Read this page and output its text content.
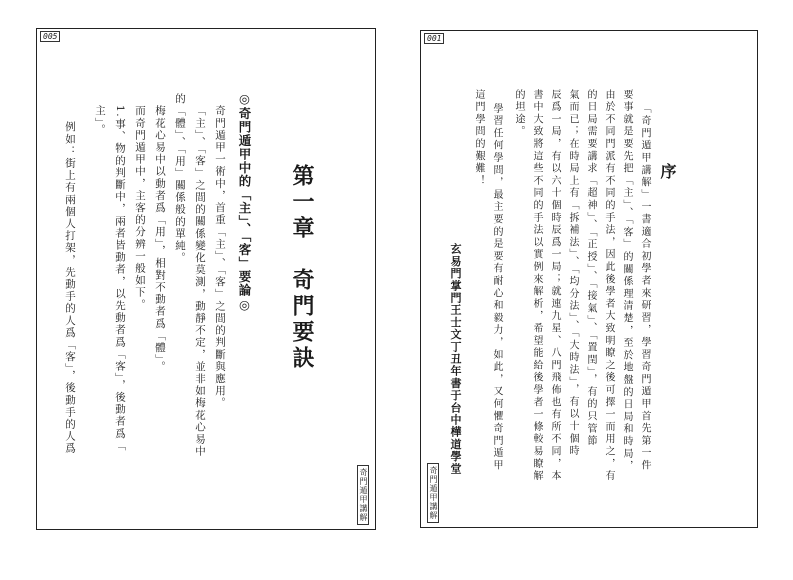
005
第一章　奇門要訣
◎奇門遁甲中的「主」、「客」要論◎
奇門遁甲一術中，首重「主」、「客」之間的判斷與應用。
「主」、「客」之間的關係變化莫測，動靜不定，並非如梅花心易中
的「體」、「用」關係般的單純。
梅花心易中以動者爲「用」，相對不動者爲「體」。
而奇門遁甲中，主客的分辨一般如下。
1.事、物的判斷中，兩者皆動者，以先動者爲「客」，後動者爲「
主」。
例如：街上有兩個人打架，先動手的人爲「客」，後動手的人爲
奇門遁甲講解
001
序
「奇門遁甲講解」一書適合初學者來研習，學習奇門遁甲首先第一件
要事就是要先把「主」、「客」的關係理清楚，至於地盤的日局和時局，
由於不同門派有不同的手法，因此後學者大致明瞭之後可擇一而用之，有
的日局需要講求「超神」、「正授」、「接氣」、「置閏」，有的只管節
氣而已；在時局上有「拆補法」、「均分法」、「大時法」，有以十個時
辰爲一局，有以六十個時辰爲一局；就連九星、八門飛佈也有所不同，本
書中大致將這些不同的手法以實例來解析，希望能給後學者一條較易瞭解
的坦途。
學習任何學問，最主要的是要有耐心和毅力，如此，又何懼奇門遁甲
這門學問的艱難！
玄易門掌門王士文丁丑年書于台中樺道學堂
奇門遁甲講解
